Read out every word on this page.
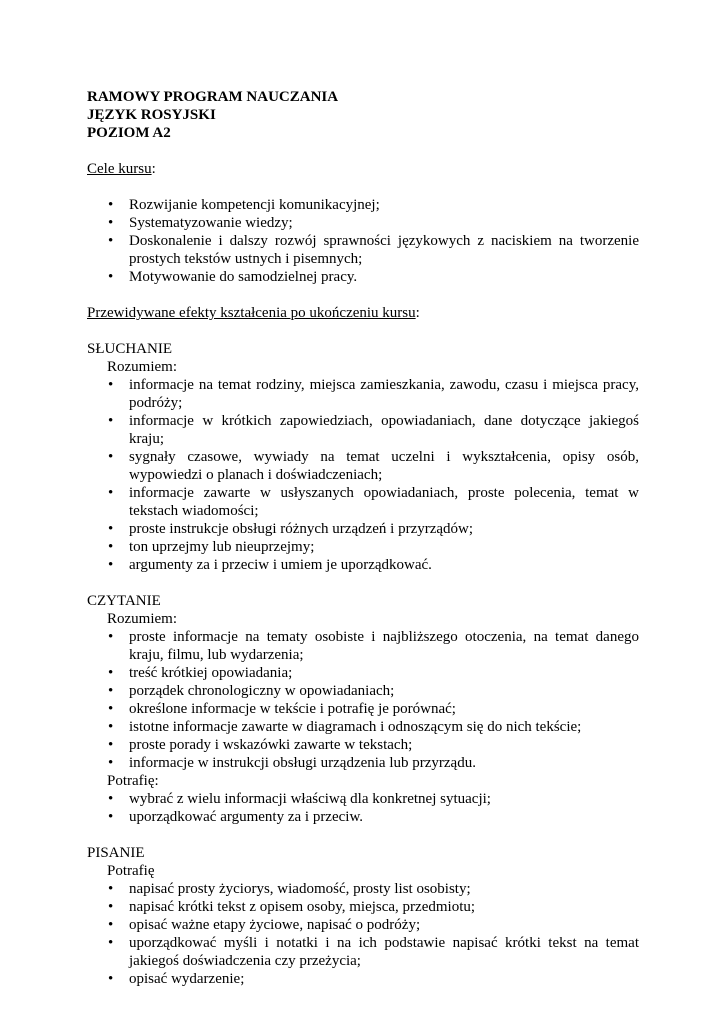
RAMOWY PROGRAM NAUCZANIA

JĘZYK ROSYJSKI

POZIOM A2

Cele kursu:

• Rozwijanie kompetencji komunikacyjnej;
• Systematyzowanie wiedzy;
• Doskonalenie i dalszy rozwój sprawności językowych z naciskiem na tworzenie prostych tekstów ustnych i pisemnych;
• Motywowanie do samodzielnej pracy.

Przewidywane efekty kształcenia po ukończeniu kursu:

SŁUCHANIE

Rozumiem:

• informacje na temat rodziny, miejsca zamieszkania, zawodu, czasu i miejsca pracy, podróży;
• informacje w krótkich zapowiedziach, opowiadaniach, dane dotyczące jakiegoś kraju;
• sygnały czasowe, wywiady na temat uczelni i wykształcenia, opisy osób, wypowiedzi o planach i doświadczeniach;
• informacje zawarte w usłyszanych opowiadaniach, proste polecenia, temat w tekstach wiadomości;
• proste instrukcje obsługi różnych urządzeń i przyrządów;
• ton uprzejmy lub nieuprzejmy;
• argumenty za i przeciw i umiem je uporządkować.

CZYTANIE

Rozumiem:

• proste informacje na tematy osobiste i najbliższego otoczenia, na temat danego kraju, filmu, lub wydarzenia;
• treść krótkiej opowiadania;
• porządek chronologiczny w opowiadaniach;
• określone informacje w tekście i potrafię je porównać;
• istotne informacje zawarte w diagramach i odnoszącym się do nich tekście;
• proste porady i wskazówki zawarte w tekstach;
• informacje w instrukcji obsługi urządzenia lub przyrządu.

Potrafię:

• wybrać z wielu informacji właściwą dla konkretnej sytuacji;
• uporządkować argumenty za i przeciw.

PISANIE

Potrafię

• napisać prosty życiorys, wiadomość, prosty list osobisty;
• napisać krótki tekst z opisem osoby, miejsca, przedmiotu;
• opisać ważne etapy życiowe, napisać o podróży;
• uporządkować myśli i notatki i na ich podstawie napisać krótki tekst na temat jakiegoś doświadczenia czy przeżycia;
• opisać wydarzenie;
